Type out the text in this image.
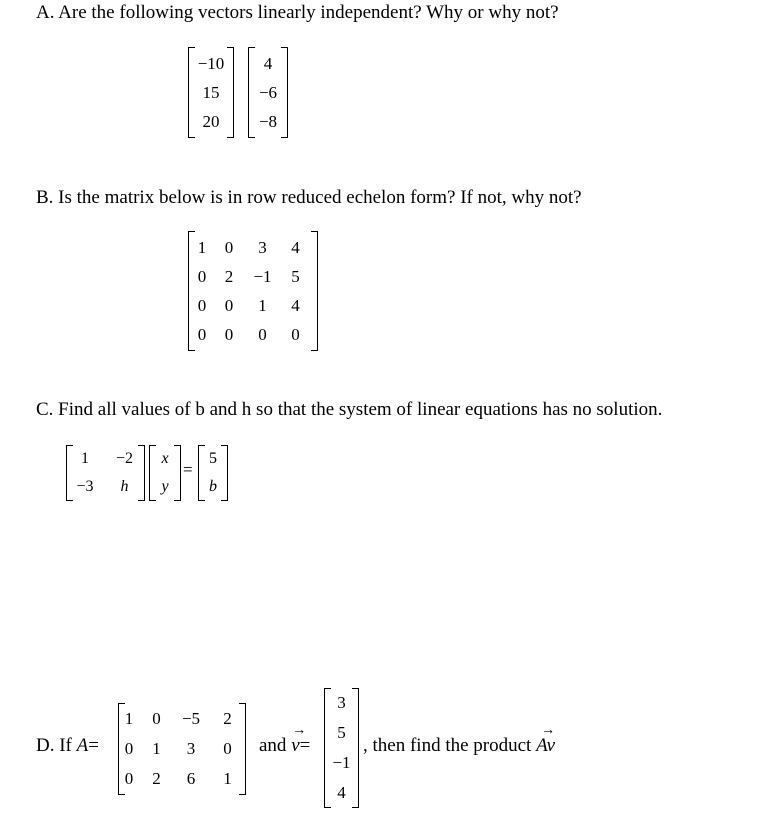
A. Are the following vectors linearly independent? Why or why not?
−10
15
20
4
−6
−8
B. Is the matrix below is in row reduced echelon form? If not, why not?
1	0	3	4
0	2	−1	5
0	0	1	4
0	0	0	0
C. Find all values of b and h so that the system of linear equations has no solution.
1	−2
−3	h
x
y
=
5
b
D. If A=
1	0	−5	2
0	1	3	0
0	2	6	1
and
→
v=
3
5
−1
4
, then find the product
→
Av
